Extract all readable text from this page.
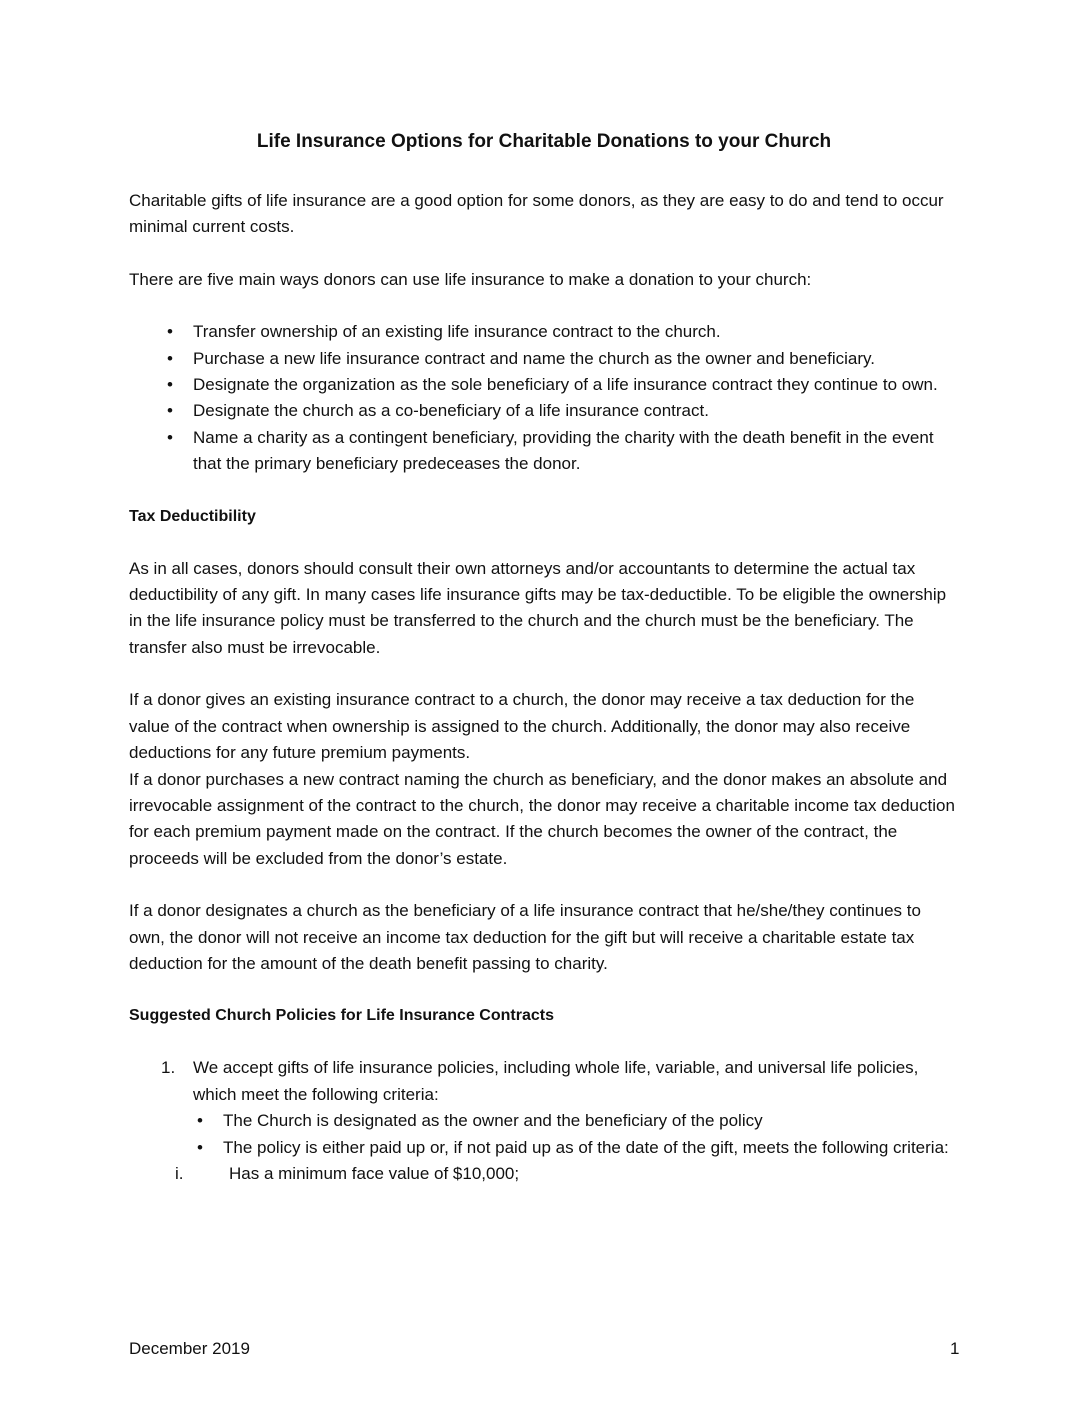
Life Insurance Options for Charitable Donations to your Church

Charitable gifts of life insurance are a good option for some donors, as they are easy to do and tend to occur minimal current costs.

There are five main ways donors can use life insurance to make a donation to your church:

• Transfer ownership of an existing life insurance contract to the church.
• Purchase a new life insurance contract and name the church as the owner and beneficiary.
• Designate the organization as the sole beneficiary of a life insurance contract they continue to own.
• Designate the church as a co-beneficiary of a life insurance contract.
• Name a charity as a contingent beneficiary, providing the charity with the death benefit in the event that the primary beneficiary predeceases the donor.
Tax Deductibility

As in all cases, donors should consult their own attorneys and/or accountants to determine the actual tax deductibility of any gift. In many cases life insurance gifts may be tax-deductible. To be eligible the ownership in the life insurance policy must be transferred to the church and the church must be the beneficiary. The transfer also must be irrevocable.

If a donor gives an existing insurance contract to a church, the donor may receive a tax deduction for the value of the contract when ownership is assigned to the church. Additionally, the donor may also receive deductions for any future premium payments.

If a donor purchases a new contract naming the church as beneficiary, and the donor makes an absolute and irrevocable assignment of the contract to the church, the donor may receive a charitable income tax deduction for each premium payment made on the contract. If the church becomes the owner of the contract, the proceeds will be excluded from the donor’s estate.

If a donor designates a church as the beneficiary of a life insurance contract that he/she/they continues to own, the donor will not receive an income tax deduction for the gift but will receive a charitable estate tax deduction for the amount of the death benefit passing to charity.

Suggested Church Policies for Life Insurance Contracts
1. We accept gifts of life insurance policies, including whole life, variable, and universal life policies, which meet the following criteria:
• The Church is designated as the owner and the beneficiary of the policy
• The policy is either paid up or, if not paid up as of the date of the gift, meets the following criteria:
i.	Has a minimum face value of $10,000;
December 2019	1
